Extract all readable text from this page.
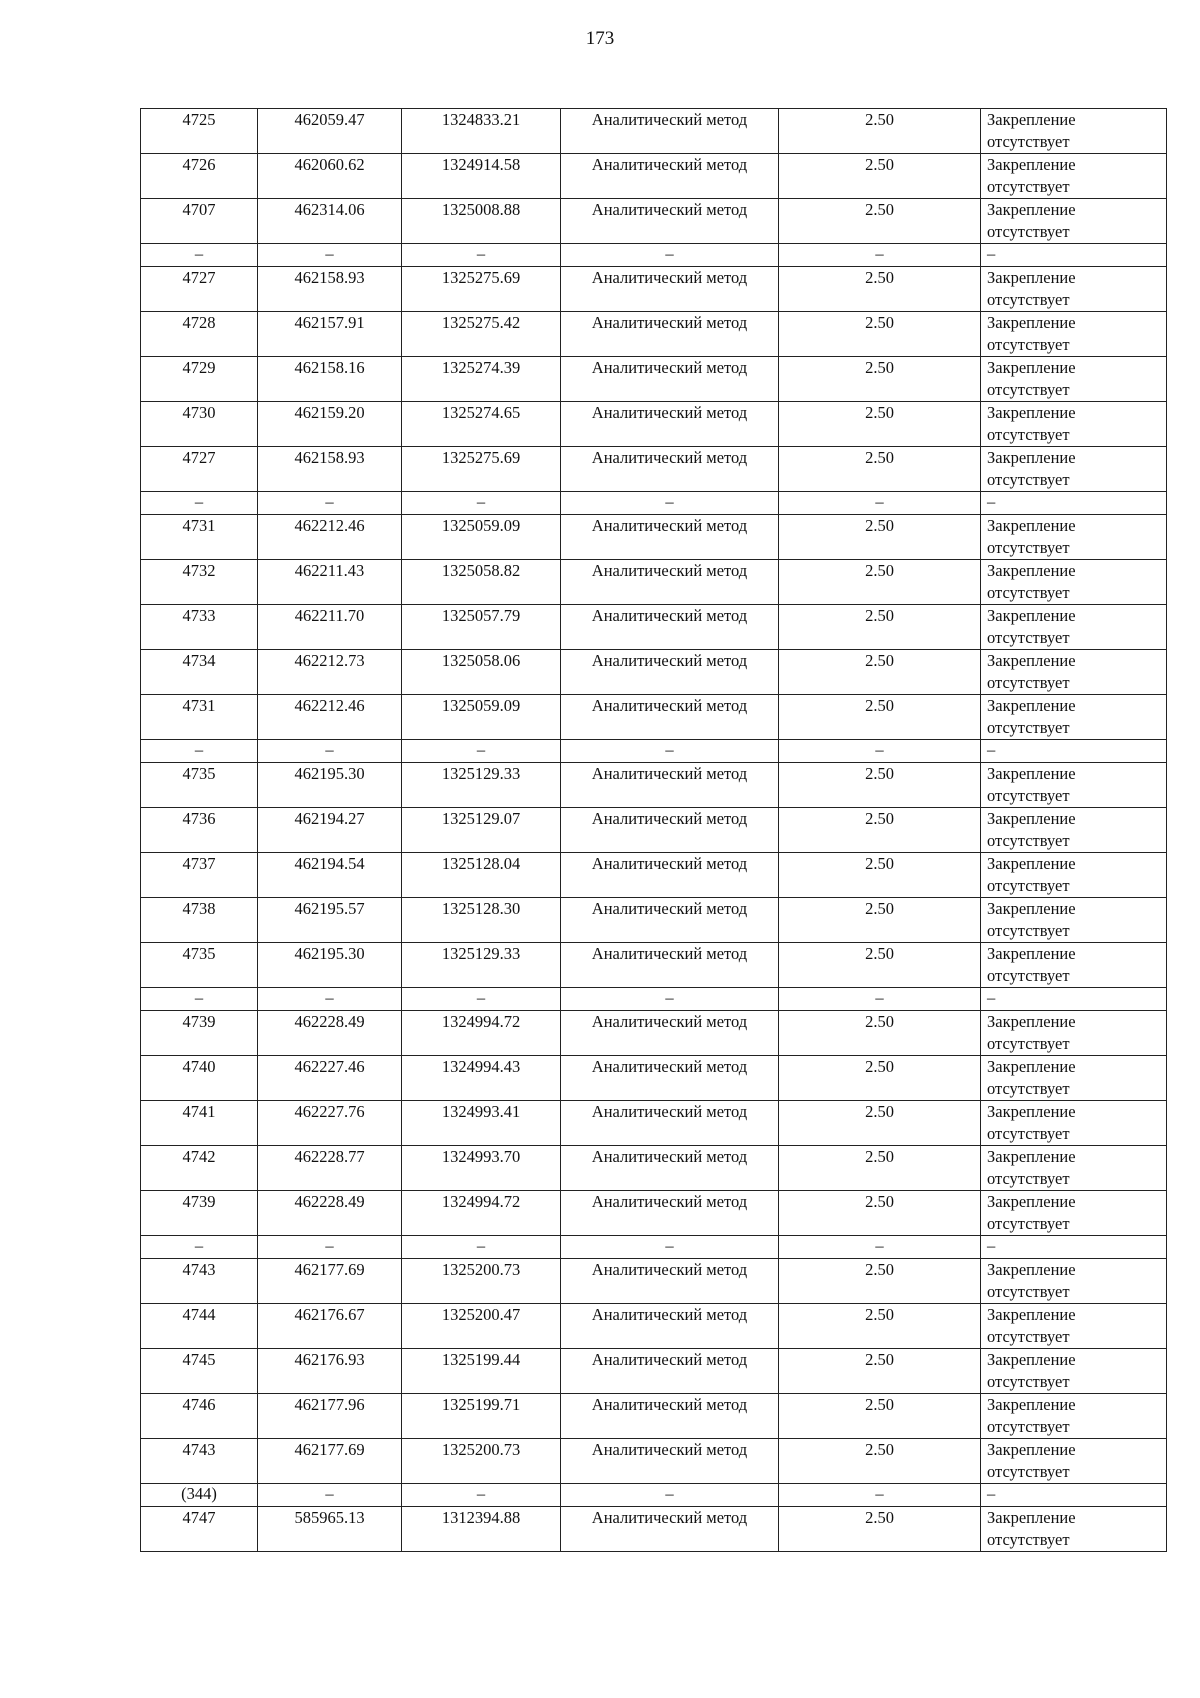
173
4725	462059.47	1324833.21	Аналитический метод	2.50	Закрепление отсутствует
4726	462060.62	1324914.58	Аналитический метод	2.50	Закрепление отсутствует
4707	462314.06	1325008.88	Аналитический метод	2.50	Закрепление отсутствует
–	–	–	–	–	–
4727	462158.93	1325275.69	Аналитический метод	2.50	Закрепление отсутствует
4728	462157.91	1325275.42	Аналитический метод	2.50	Закрепление отсутствует
4729	462158.16	1325274.39	Аналитический метод	2.50	Закрепление отсутствует
4730	462159.20	1325274.65	Аналитический метод	2.50	Закрепление отсутствует
4727	462158.93	1325275.69	Аналитический метод	2.50	Закрепление отсутствует
–	–	–	–	–	–
4731	462212.46	1325059.09	Аналитический метод	2.50	Закрепление отсутствует
4732	462211.43	1325058.82	Аналитический метод	2.50	Закрепление отсутствует
4733	462211.70	1325057.79	Аналитический метод	2.50	Закрепление отсутствует
4734	462212.73	1325058.06	Аналитический метод	2.50	Закрепление отсутствует
4731	462212.46	1325059.09	Аналитический метод	2.50	Закрепление отсутствует
–	–	–	–	–	–
4735	462195.30	1325129.33	Аналитический метод	2.50	Закрепление отсутствует
4736	462194.27	1325129.07	Аналитический метод	2.50	Закрепление отсутствует
4737	462194.54	1325128.04	Аналитический метод	2.50	Закрепление отсутствует
4738	462195.57	1325128.30	Аналитический метод	2.50	Закрепление отсутствует
4735	462195.30	1325129.33	Аналитический метод	2.50	Закрепление отсутствует
–	–	–	–	–	–
4739	462228.49	1324994.72	Аналитический метод	2.50	Закрепление отсутствует
4740	462227.46	1324994.43	Аналитический метод	2.50	Закрепление отсутствует
4741	462227.76	1324993.41	Аналитический метод	2.50	Закрепление отсутствует
4742	462228.77	1324993.70	Аналитический метод	2.50	Закрепление отсутствует
4739	462228.49	1324994.72	Аналитический метод	2.50	Закрепление отсутствует
–	–	–	–	–	–
4743	462177.69	1325200.73	Аналитический метод	2.50	Закрепление отсутствует
4744	462176.67	1325200.47	Аналитический метод	2.50	Закрепление отсутствует
4745	462176.93	1325199.44	Аналитический метод	2.50	Закрепление отсутствует
4746	462177.96	1325199.71	Аналитический метод	2.50	Закрепление отсутствует
4743	462177.69	1325200.73	Аналитический метод	2.50	Закрепление отсутствует
(344)	–	–	–	–	–
4747	585965.13	1312394.88	Аналитический метод	2.50	Закрепление отсутствует
